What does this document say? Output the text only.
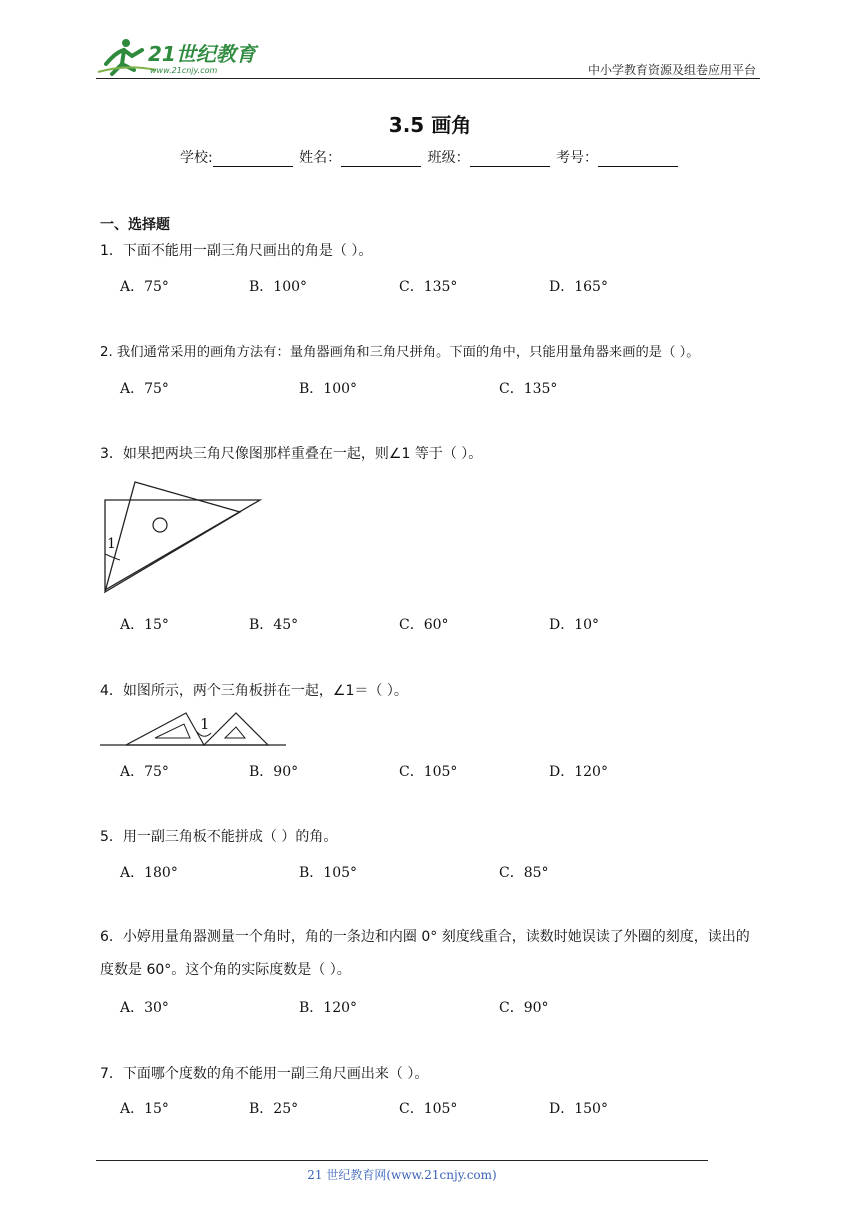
21世纪教育
www.21cnjy.com	中小学教育资源及组卷应用平台
3.5 画角
学校:	姓名：	班级：	考号：
一、选择题
1．下面不能用一副三角尺画出的角是（ ）。
A．75°	B．100°	C．135°	D．165°
2. 我们通常采用的画角方法有：量角器画角和三角尺拼角。下面的角中，只能用量角器来画的是（ ）。
A．75°	B．100°	C．135°
3．如果把两块三角尺像图那样重叠在一起，则∠1 等于（ ）。
1
A．15°	B．45°	C．60°	D．10°
4．如图所示，两个三角板拼在一起，∠1＝（ ）。
1
A．75°	B．90°	C．105°	D．120°
5．用一副三角板不能拼成（ ）的角。
A．180°	B．105°	C．85°
6．小婷用量角器测量一个角时，角的一条边和内圈 0° 刻度线重合，读数时她误读了外圈的刻度，读出的度数是 60°。这个角的实际度数是（ ）。
A．30°	B．120°	C．90°
7．下面哪个度数的角不能用一副三角尺画出来（ ）。
A．15°	B．25°	C．105°	D．150°
21 世纪教育网(www.21cnjy.com)
